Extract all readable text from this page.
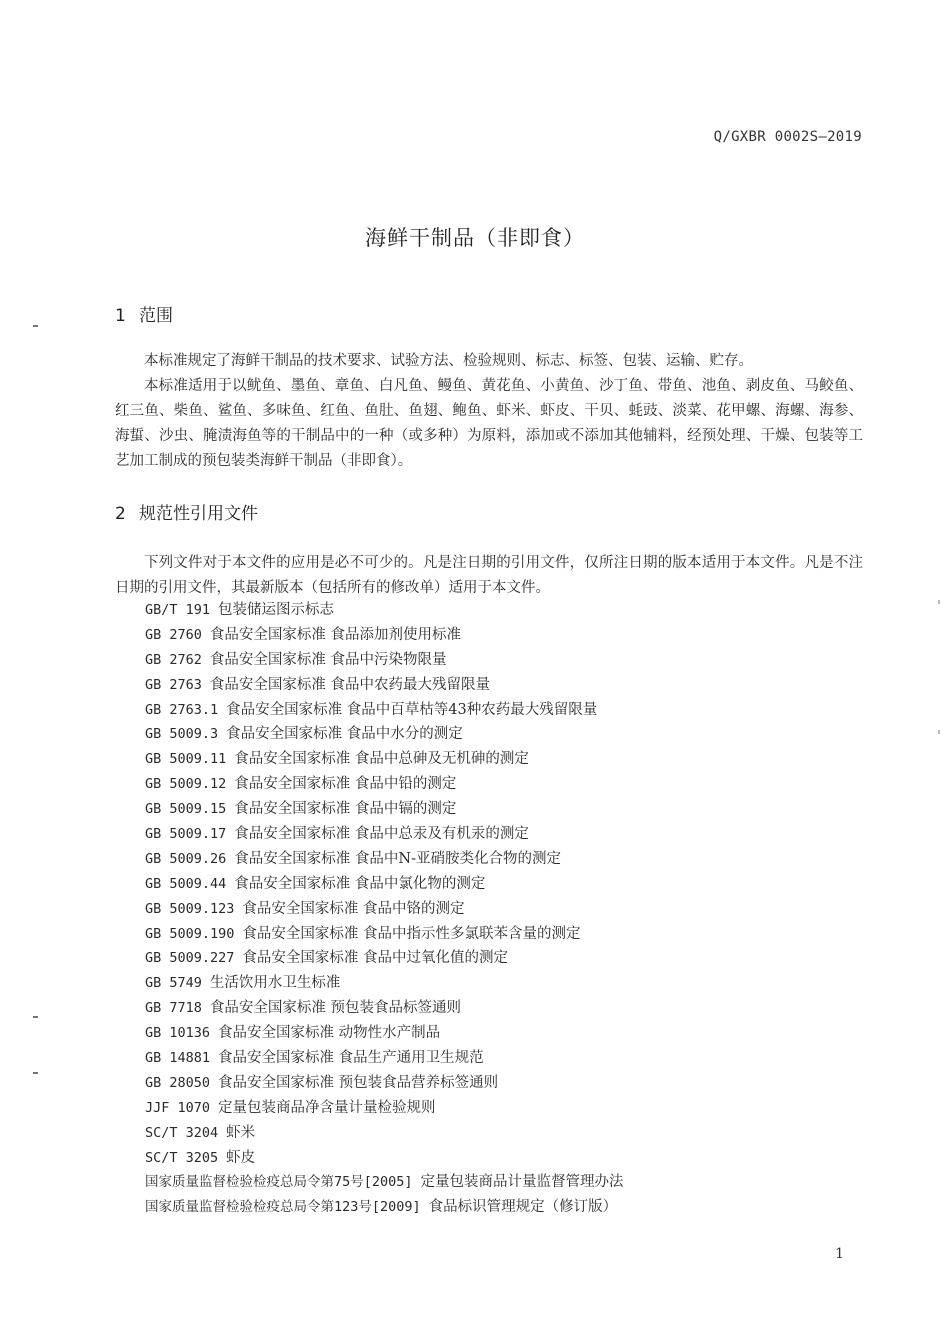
Q/GXBR 0002S—2019
海鲜干制品（非即食）
1 范围

本标准规定了海鲜干制品的技术要求、试验方法、检验规则、标志、标签、包装、运输、贮存。

本标准适用于以鱿鱼、墨鱼、章鱼、白凡鱼、鳗鱼、黄花鱼、小黄鱼、沙丁鱼、带鱼、池鱼、剥皮鱼、马鲛鱼、红三鱼、柴鱼、鲨鱼、多味鱼、红鱼、鱼肚、鱼翅、鲍鱼、虾米、虾皮、干贝、蚝豉、淡菜、花甲螺、海螺、海参、海蜇、沙虫、腌渍海鱼等的干制品中的一种（或多种）为原料，添加或不添加其他辅料，经预处理、干燥、包装等工艺加工制成的预包装类海鲜干制品（非即食）。

2 规范性引用文件

下列文件对于本文件的应用是必不可少的。凡是注日期的引用文件，仅所注日期的版本适用于本文件。凡是不注日期的引用文件，其最新版本（包括所有的修改单）适用于本文件。

GB/T 191 包装储运图示标志
GB 2760 食品安全国家标准 食品添加剂使用标准
GB 2762 食品安全国家标准 食品中污染物限量
GB 2763 食品安全国家标准 食品中农药最大残留限量
GB 2763.1 食品安全国家标准 食品中百草枯等43种农药最大残留限量
GB 5009.3 食品安全国家标准 食品中水分的测定
GB 5009.11 食品安全国家标准 食品中总砷及无机砷的测定
GB 5009.12 食品安全国家标准 食品中铅的测定
GB 5009.15 食品安全国家标准 食品中镉的测定
GB 5009.17 食品安全国家标准 食品中总汞及有机汞的测定
GB 5009.26 食品安全国家标准 食品中N-亚硝胺类化合物的测定
GB 5009.44 食品安全国家标准 食品中氯化物的测定
GB 5009.123 食品安全国家标准 食品中铬的测定
GB 5009.190 食品安全国家标准 食品中指示性多氯联苯含量的测定
GB 5009.227 食品安全国家标准 食品中过氧化值的测定
GB 5749 生活饮用水卫生标准
GB 7718 食品安全国家标准 预包装食品标签通则
GB 10136 食品安全国家标准 动物性水产制品
GB 14881 食品安全国家标准 食品生产通用卫生规范
GB 28050 食品安全国家标准 预包装食品营养标签通则
JJF 1070 定量包装商品净含量计量检验规则
SC/T 3204 虾米
SC/T 3205 虾皮
国家质量监督检验检疫总局令第75号[2005] 定量包装商品计量监督管理办法
国家质量监督检验检疫总局令第123号[2009] 食品标识管理规定（修订版）
1
